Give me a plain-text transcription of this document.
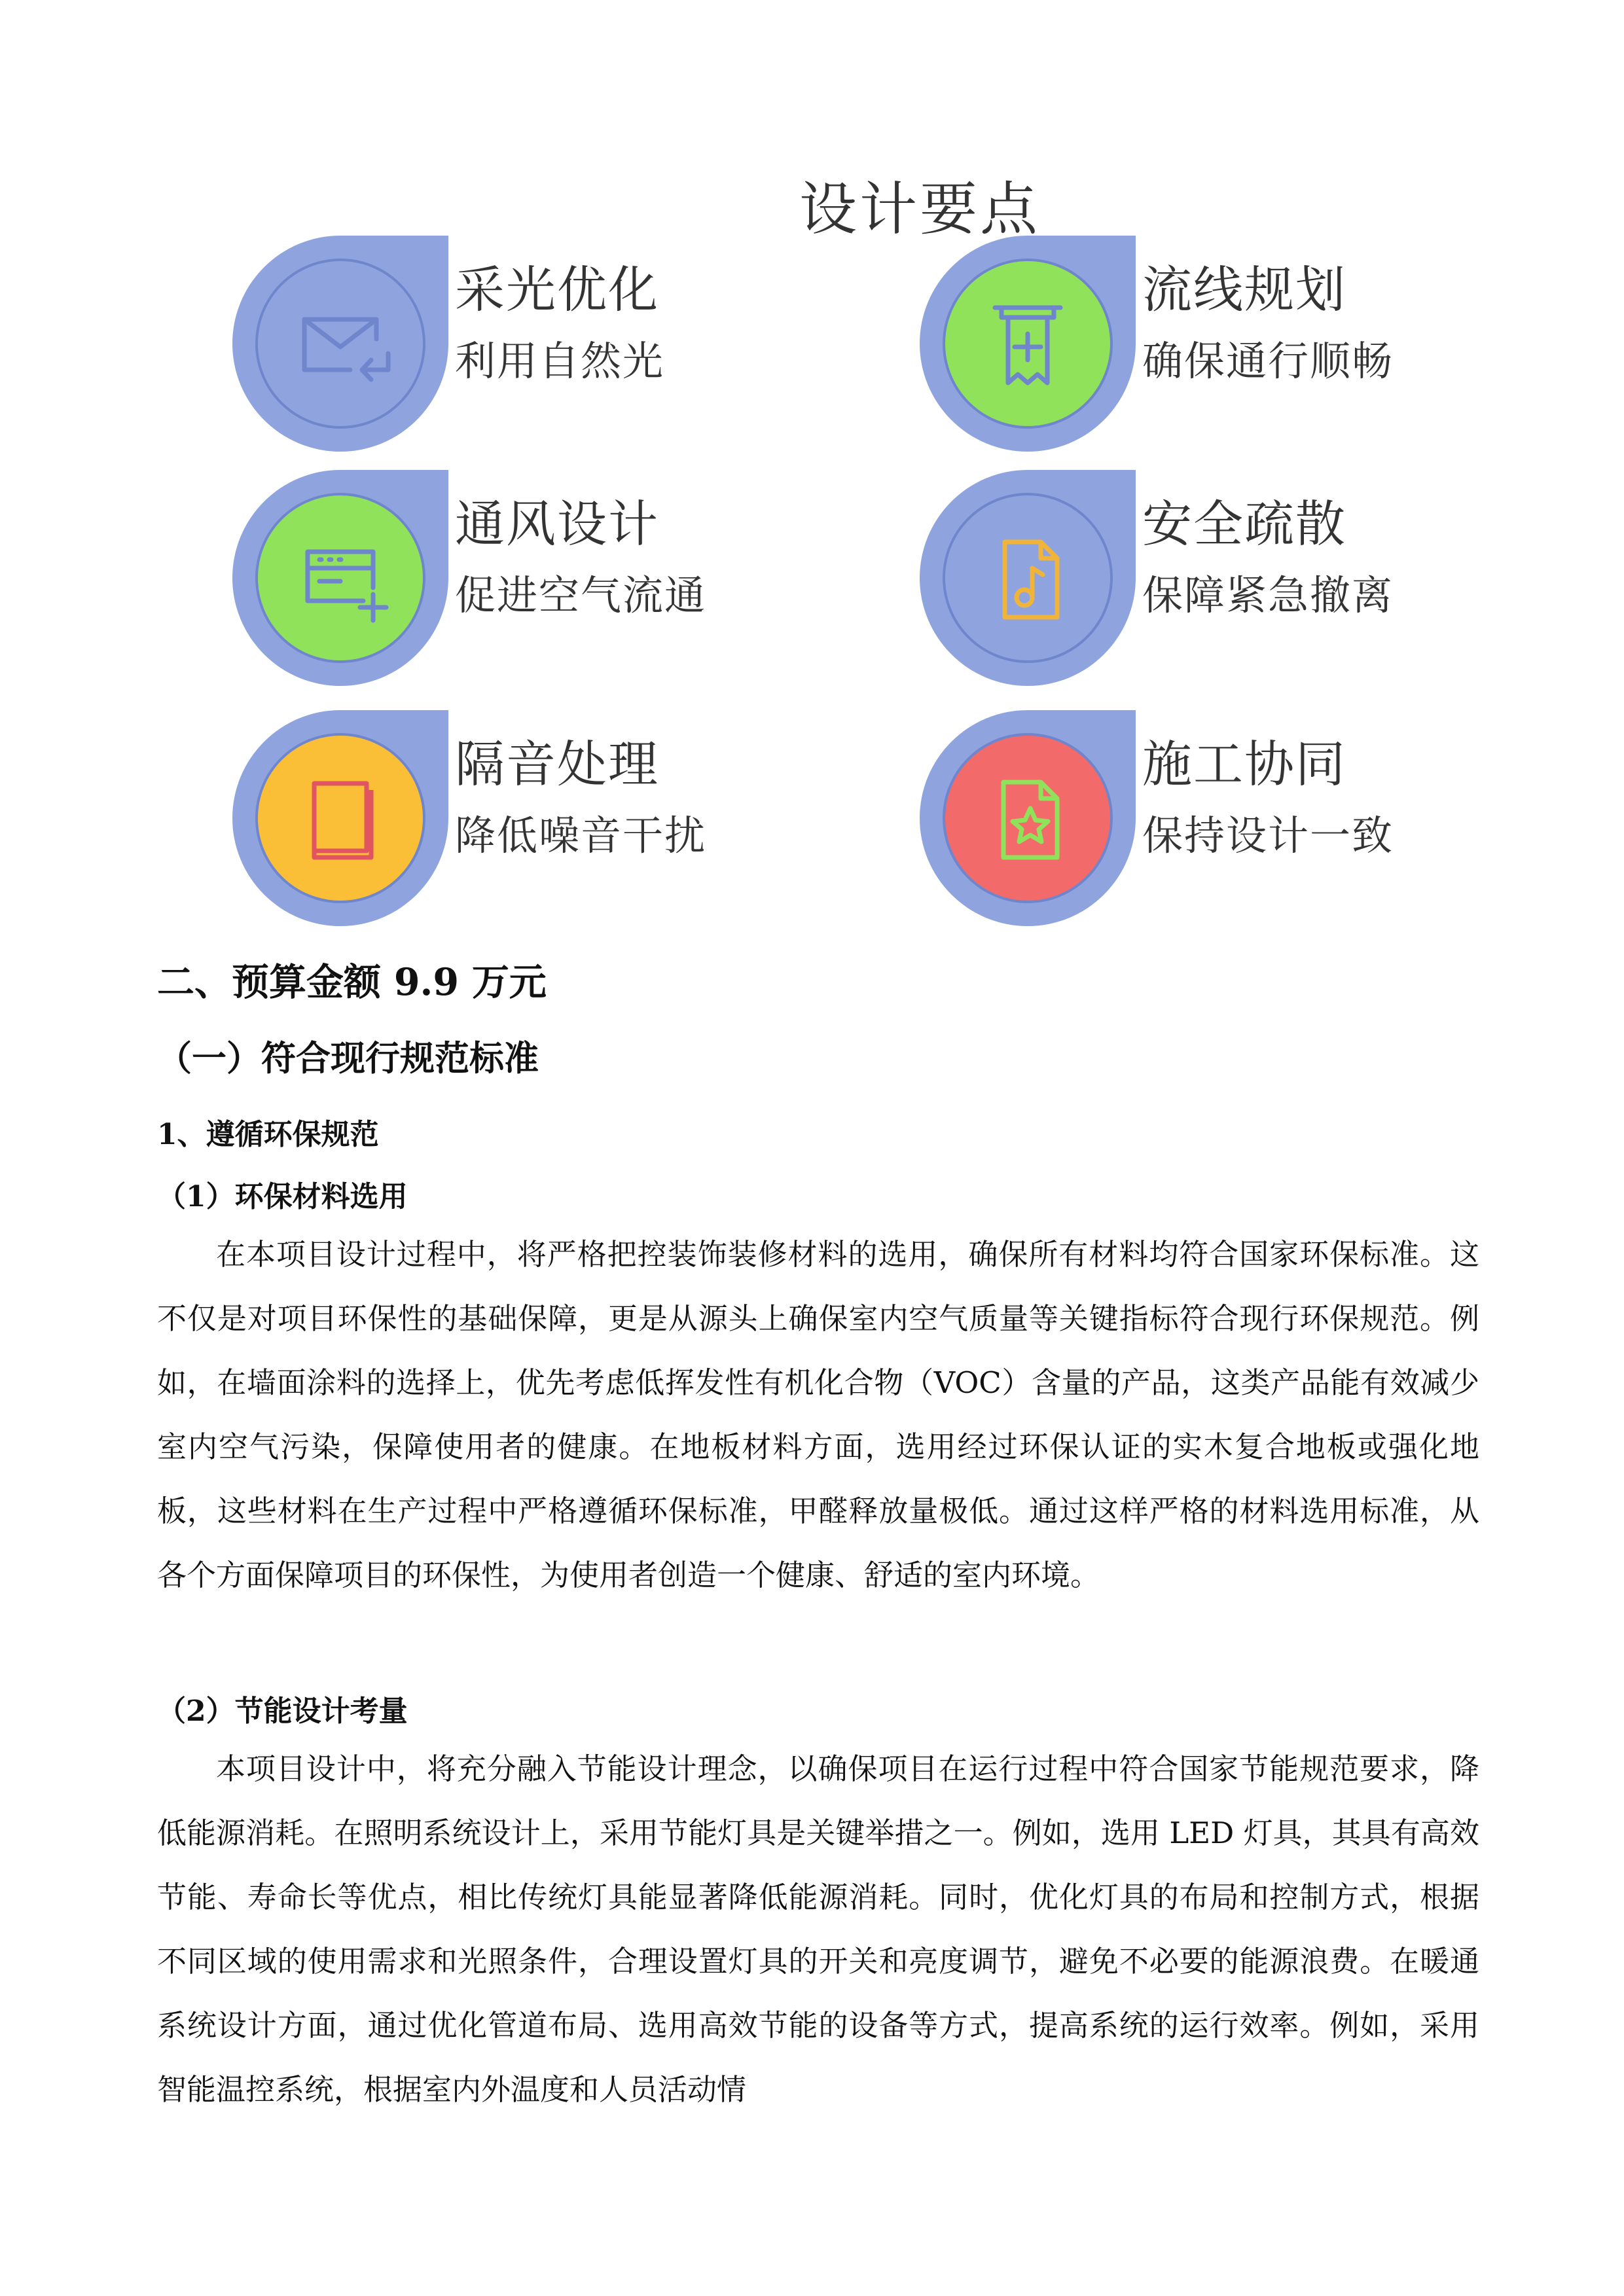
设计要点
采光优化
利用自然光
流线规划
确保通行顺畅
通风设计
促进空气流通
安全疏散
保障紧急撤离
隔音处理
降低噪音干扰
施工协同
保持设计一致
二、预算金额 9.9 万元
（一）符合现行规范标准
1、遵循环保规范
（1）环保材料选用
在本项目设计过程中，将严格把控装饰装修材料的选用，确保所有材料均符合国家环保标准。这不仅是对项目环保性的基础保障，更是从源头上确保室内空气质量等关键指标符合现行环保规范。例如，在墙面涂料的选择上，优先考虑低挥发性有机化合物（VOC）含量的产品，这类产品能有效减少室内空气污染，保障使用者的健康。在地板材料方面，选用经过环保认证的实木复合地板或强化地板，这些材料在生产过程中严格遵循环保标准，甲醛释放量极低。通过这样严格的材料选用标准，从各个方面保障项目的环保性，为使用者创造一个健康、舒适的室内环境。
（2）节能设计考量
本项目设计中，将充分融入节能设计理念，以确保项目在运行过程中符合国家节能规范要求，降低能源消耗。在照明系统设计上，采用节能灯具是关键举措之一。例如，选用 LED 灯具，其具有高效节能、寿命长等优点，相比传统灯具能显著降低能源消耗。同时，优化灯具的布局和控制方式，根据不同区域的使用需求和光照条件，合理设置灯具的开关和亮度调节，避免不必要的能源浪费。在暖通系统设计方面，通过优化管道布局、选用高效节能的设备等方式，提高系统的运行效率。例如，采用智能温控系统，根据室内外温度和人员活动情
